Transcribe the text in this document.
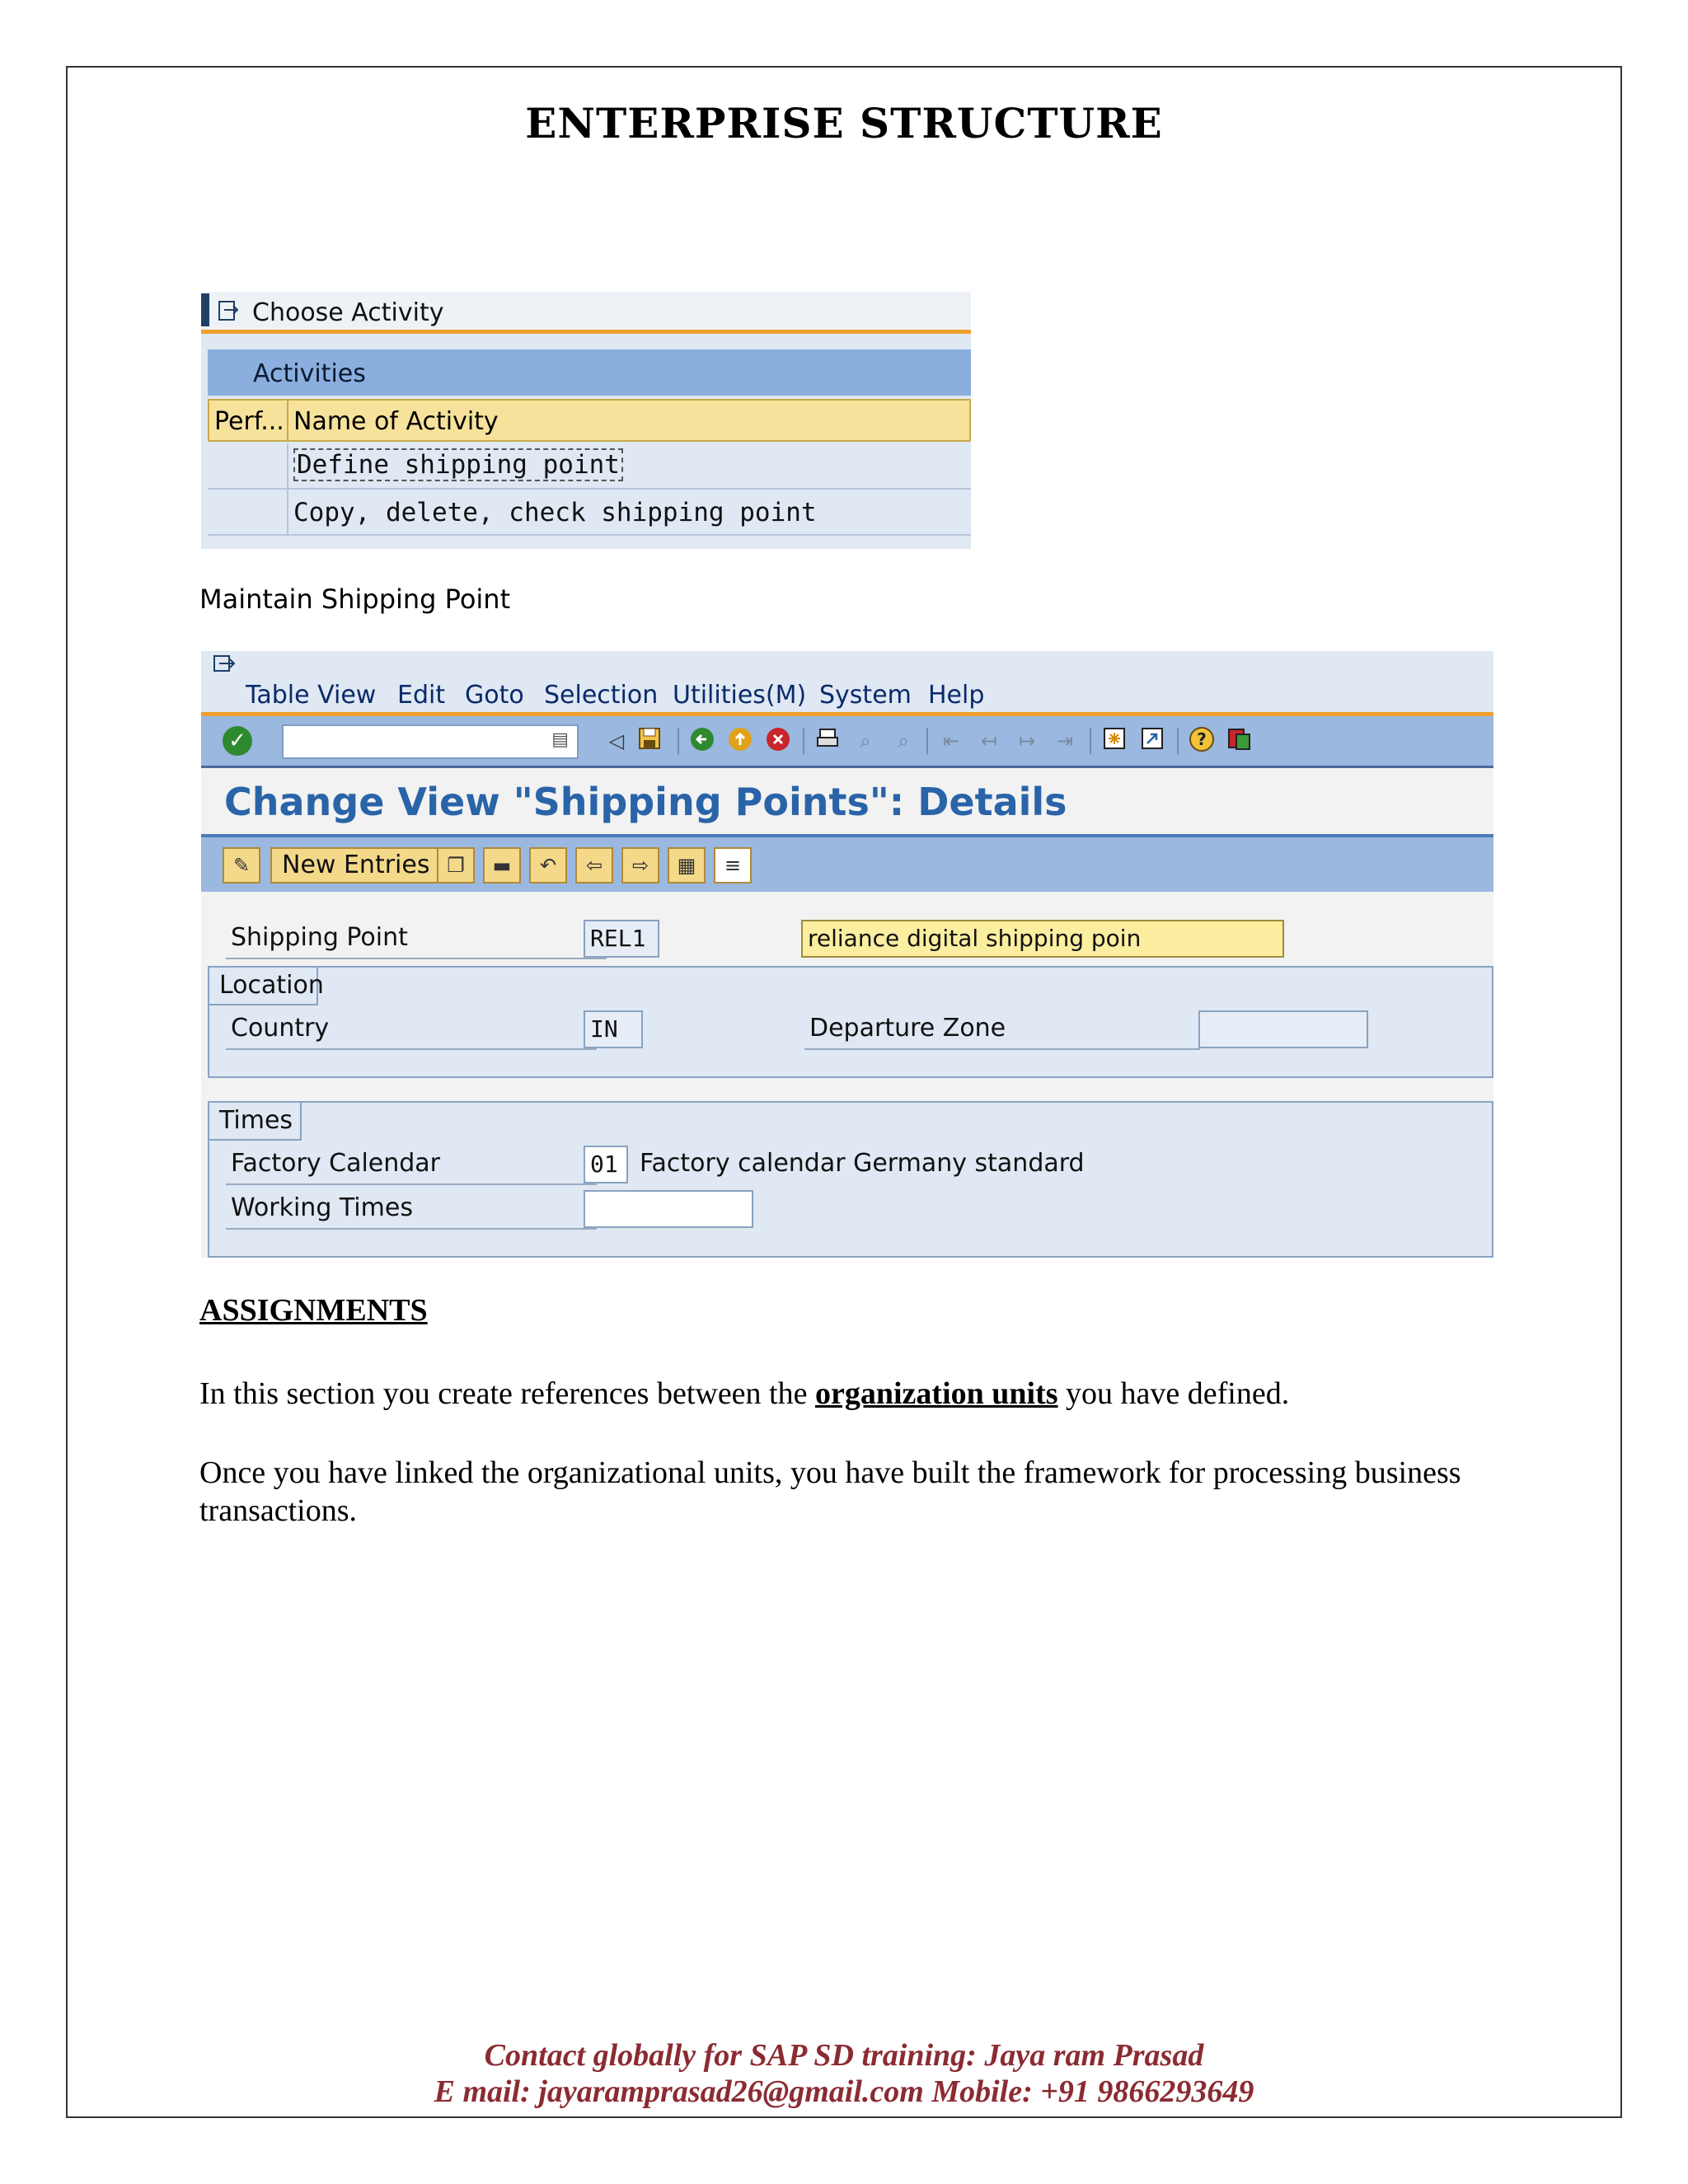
ENTERPRISE STRUCTURE
Choose Activity
Activities
Perf... Name of Activity
Define shipping point
Copy, delete, check shipping point
Maintain Shipping Point
Table View Edit Goto Selection Utilities(M) System Help
✓	▤	◁	⌕	⌕	⇤	↤	↦	⇥	?
Change View "Shipping Points": Details
✎	New Entries ❐	▬	↶	⇦	⇨	▦	≡
Shipping Point	REL1	reliance digital shipping poin
Location
Country	IN	Departure Zone
Times
Factory Calendar	01 Factory calendar Germany standard
Working Times
ASSIGNMENTS
In this section you create references between the organization units you have defined.
Once you have linked the organizational units, you have built the framework for processing business transactions.
Contact globally for SAP SD training: Jaya ram Prasad
E mail: jayaramprasad26@gmail.com Mobile: +91 9866293649
